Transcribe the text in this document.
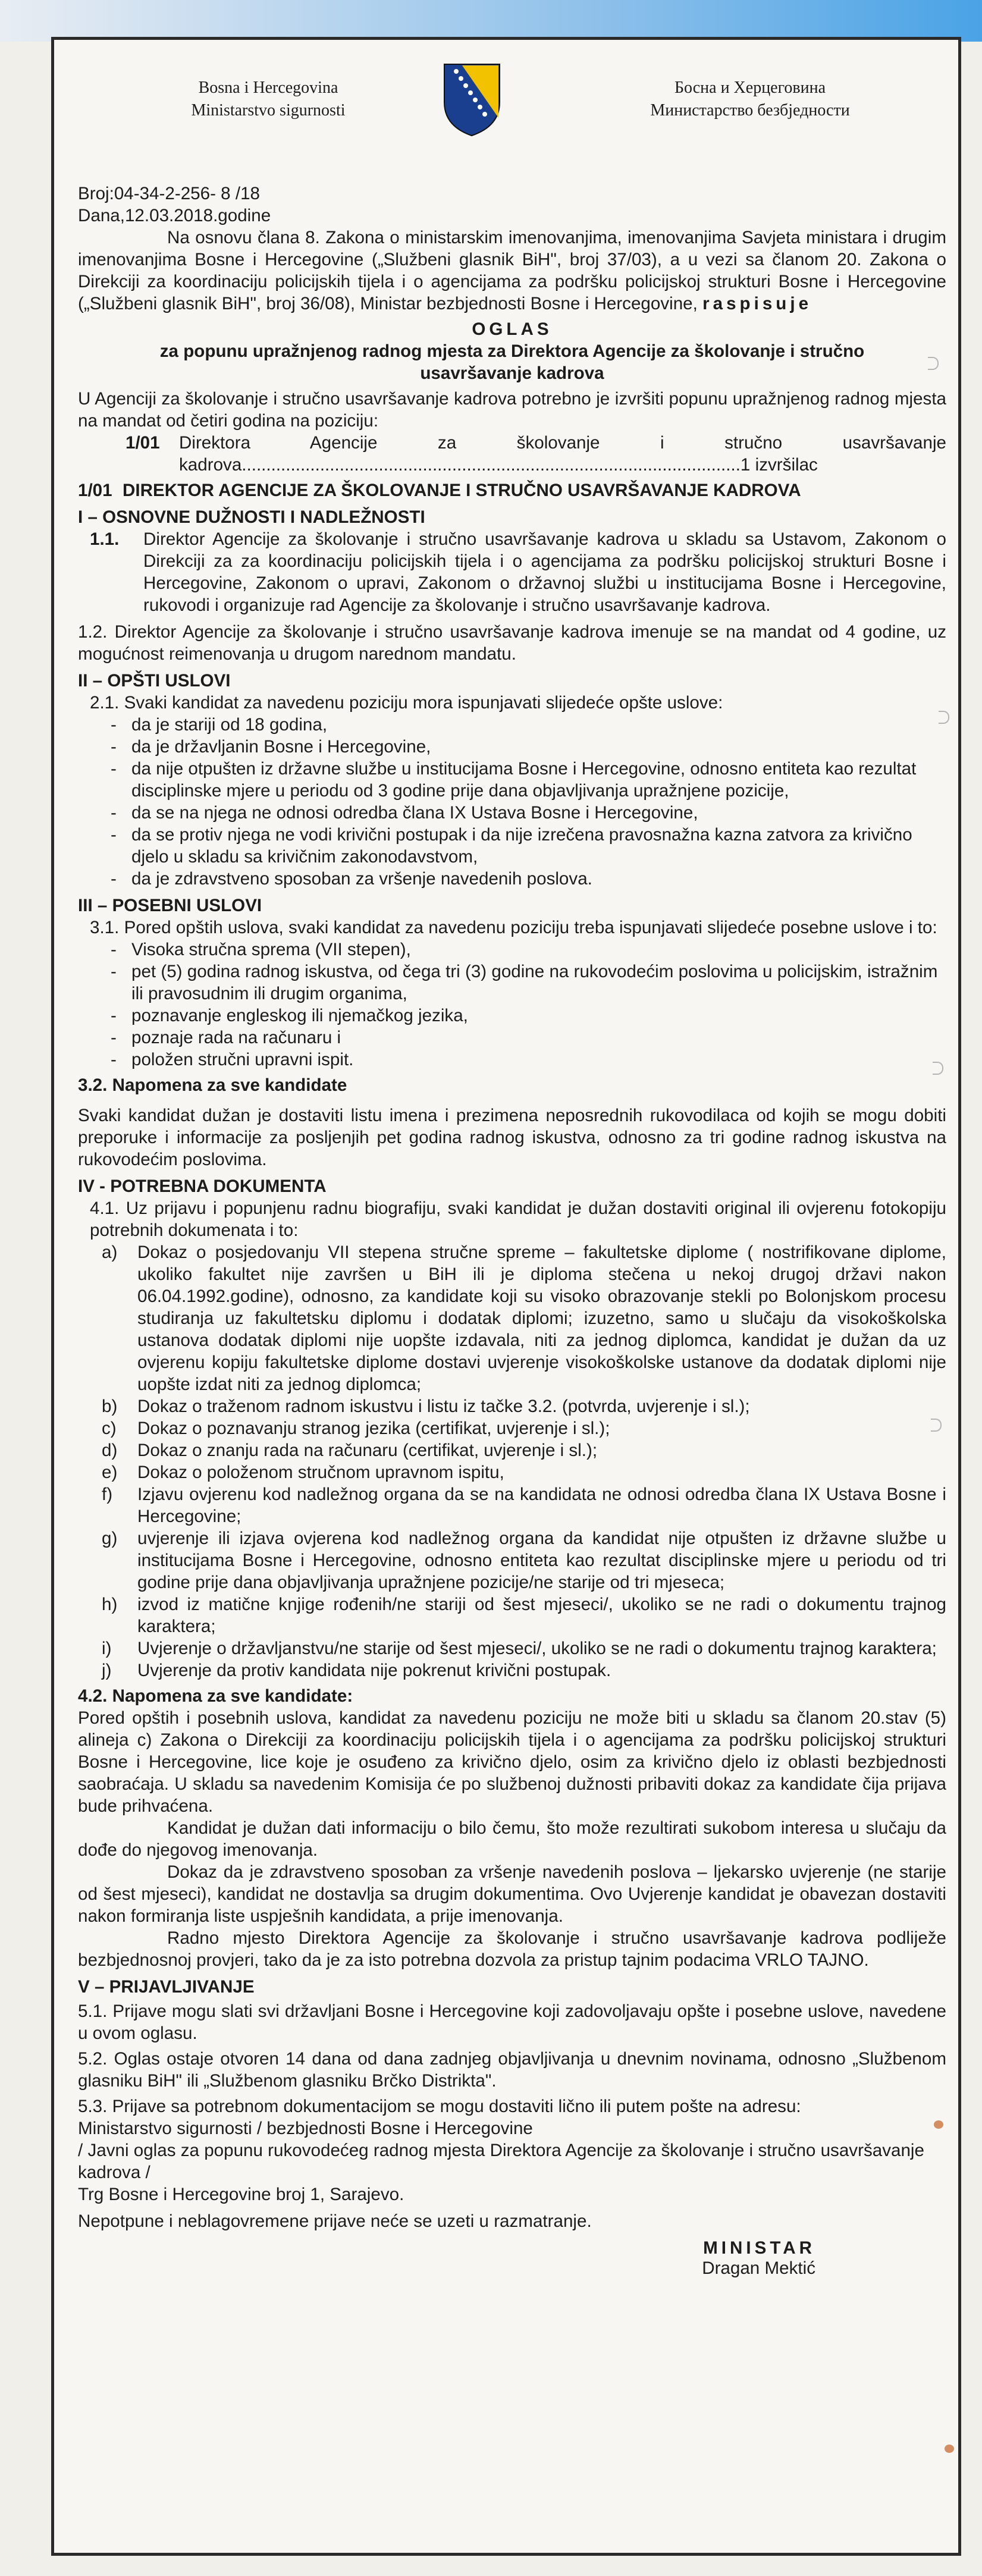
Bosna i Hercegovina
Ministarstvo sigurnosti
Босна и Херцеговина
Министарство безбједности

Broj:04-34-2-256- 8 /18

Dana,12.03.2018.godine

Na osnovu člana 8. Zakona o ministarskim imenovanjima, imenovanjima Savjeta ministara i drugim imenovanjima Bosne i Hercegovine („Službeni glasnik BiH", broj 37/03), a u vezi sa članom 20. Zakona o Direkciji za koordinaciju policijskih tijela i o agencijama za podršku policijskoj strukturi Bosne i Hercegovine („Službeni glasnik BiH", broj 36/08), Ministar bezbjednosti Bosne i Hercegovine, raspisuje

OGLAS

za popunu upražnjenog radnog mjesta za Direktora Agencije za školovanje i stručno usavršavanje kadrova

U Agenciji za školovanje i stručno usavršavanje kadrova potrebno je izvršiti popunu upražnjenog radnog mjesta na mandat od četiri godina na poziciju:

1/01	Direktora Agencije za školovanje i stručno usavršavanje kadrova......................................................................................................1 izvršilac
1/01 DIREKTOR AGENCIJE ZA ŠKOLOVANJE I STRUČNO USAVRŠAVANJE KADROVA

I – OSNOVNE DUŽNOSTI I NADLEŽNOSTI

1.1.	Direktor Agencije za školovanje i stručno usavršavanje kadrova u skladu sa Ustavom, Zakonom o Direkciji za za koordinaciju policijskih tijela i o agencijama za podršku policijskoj strukturi Bosne i Hercegovine, Zakonom o upravi, Zakonom o državnoj službi u institucijama Bosne i Hercegovine, rukovodi i organizuje rad Agencije za školovanje i stručno usavršavanje kadrova.

1.2. Direktor Agencije za školovanje i stručno usavršavanje kadrova imenuje se na mandat od 4 godine, uz mogućnost reimenovanja u drugom narednom mandatu.

II – OPŠTI USLOVI

2.1. Svaki kandidat za navedenu poziciju mora ispunjavati slijedeće opšte uslove:

- da je stariji od 18 godina,
- da je državljanin Bosne i Hercegovine,
- da nije otpušten iz državne službe u institucijama Bosne i Hercegovine, odnosno entiteta kao rezultat disciplinske mjere u periodu od 3 godine prije dana objavljivanja upražnjene pozicije,
- da se na njega ne odnosi odredba člana IX Ustava Bosne i Hercegovine,
- da se protiv njega ne vodi krivični postupak i da nije izrečena pravosnažna kazna zatvora za krivično djelo u skladu sa krivičnim zakonodavstvom,
- da je zdravstveno sposoban za vršenje navedenih poslova.

III – POSEBNI USLOVI

3.1. Pored opštih uslova, svaki kandidat za navedenu poziciju treba ispunjavati slijedeće posebne uslove i to:

- Visoka stručna sprema (VII stepen),
- pet (5) godina radnog iskustva, od čega tri (3) godine na rukovodećim poslovima u policijskim, istražnim ili pravosudnim ili drugim organima,
- poznavanje engleskog ili njemačkog jezika,
- poznaje rada na računaru i
- položen stručni upravni ispit.

3.2. Napomena za sve kandidate

Svaki kandidat dužan je dostaviti listu imena i prezimena neposrednih rukovodilaca od kojih se mogu dobiti preporuke i informacije za posljenjih pet godina radnog iskustva, odnosno za tri godine radnog iskustva na rukovodećim poslovima.

IV - POTREBNA DOKUMENTA

4.1. Uz prijavu i popunjenu radnu biografiju, svaki kandidat je dužan dostaviti original ili ovjerenu fotokopiju potrebnih dokumenata i to:

a)	Dokaz o posjedovanju VII stepena stručne spreme – fakultetske diplome ( nostrifikovane diplome, ukoliko fakultet nije završen u BiH ili je diploma stečena u nekoj drugoj državi nakon 06.04.1992.godine), odnosno, za kandidate koji su visoko obrazovanje stekli po Bolonjskom procesu studiranja uz fakultetsku diplomu i dodatak diplomi; izuzetno, samo u slučaju da visokoškolska ustanova dodatak diplomi nije uopšte izdavala, niti za jednog diplomca, kandidat je dužan da uz ovjerenu kopiju fakultetske diplome dostavi uvjerenje visokoškolske ustanove da dodatak diplomi nije uopšte izdat niti za jednog diplomca;
b)	Dokaz o traženom radnom iskustvu i listu iz tačke 3.2. (potvrda, uvjerenje i sl.);
c)	Dokaz o poznavanju stranog jezika (certifikat, uvjerenje i sl.);
d)	Dokaz o znanju rada na računaru (certifikat, uvjerenje i sl.);
e)	Dokaz o položenom stručnom upravnom ispitu,
f)	Izjavu ovjerenu kod nadležnog organa da se na kandidata ne odnosi odredba člana IX Ustava Bosne i Hercegovine;
g)	uvjerenje ili izjava ovjerena kod nadležnog organa da kandidat nije otpušten iz državne službe u institucijama Bosne i Hercegovine, odnosno entiteta kao rezultat disciplinske mjere u periodu od tri godine prije dana objavljivanja upražnjene pozicije/ne starije od tri mjeseca;
h)	izvod iz matične knjige rođenih/ne stariji od šest mjeseci/, ukoliko se ne radi o dokumentu trajnog karaktera;
i)	Uvjerenje o državljanstvu/ne starije od šest mjeseci/, ukoliko se ne radi o dokumentu trajnog karaktera;
j)	Uvjerenje da protiv kandidata nije pokrenut krivični postupak.

4.2. Napomena za sve kandidate:

Pored opštih i posebnih uslova, kandidat za navedenu poziciju ne može biti u skladu sa članom 20.stav (5) alineja c) Zakona o Direkciji za koordinaciju policijskih tijela i o agencijama za podršku policijskoj strukturi Bosne i Hercegovine, lice koje je osuđeno za krivično djelo, osim za krivično djelo iz oblasti bezbjednosti saobraćaja. U skladu sa navedenim Komisija će po službenoj dužnosti pribaviti dokaz za kandidate čija prijava bude prihvaćena.

Kandidat je dužan dati informaciju o bilo čemu, što može rezultirati sukobom interesa u slučaju da dođe do njegovog imenovanja.

Dokaz da je zdravstveno sposoban za vršenje navedenih poslova – ljekarsko uvjerenje (ne starije od šest mjeseci), kandidat ne dostavlja sa drugim dokumentima. Ovo Uvjerenje kandidat je obavezan dostaviti nakon formiranja liste uspješnih kandidata, a prije imenovanja.

Radno mjesto Direktora Agencije za školovanje i stručno usavršavanje kadrova podliježe bezbjednosnoj provjeri, tako da je za isto potrebna dozvola za pristup tajnim podacima VRLO TAJNO.

V – PRIJAVLJIVANJE

5.1. Prijave mogu slati svi državljani Bosne i Hercegovine koji zadovoljavaju opšte i posebne uslove, navedene u ovom oglasu.

5.2. Oglas ostaje otvoren 14 dana od dana zadnjeg objavljivanja u dnevnim novinama, odnosno „Službenom glasniku BiH" ili „Službenom glasniku Brčko Distrikta".

5.3. Prijave sa potrebnom dokumentacijom se mogu dostaviti lično ili putem pošte na adresu:

Ministarstvo sigurnosti / bezbjednosti Bosne i Hercegovine

/ Javni oglas za popunu rukovodećeg radnog mjesta Direktora Agencije za školovanje i stručno usavršavanje kadrova /

Trg Bosne i Hercegovine broj 1, Sarajevo.

Nepotpune i neblagovremene prijave neće se uzeti u razmatranje.

MINISTAR
Dragan Mektić
